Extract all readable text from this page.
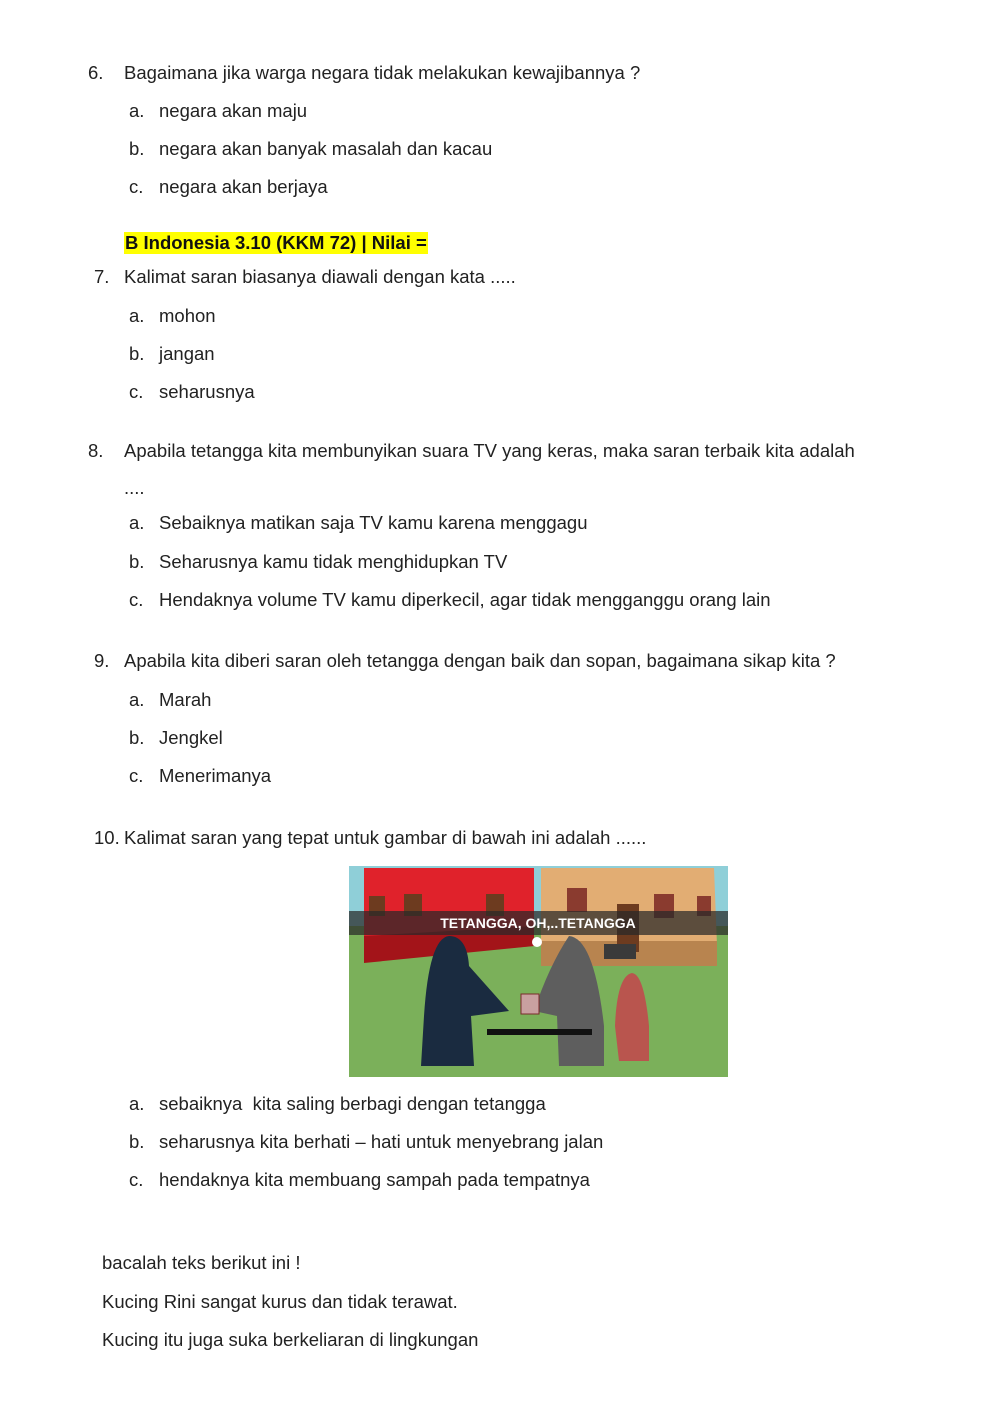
6. Bagaimana jika warga negara tidak melakukan kewajibannya ?
a. negara akan maju
b. negara akan banyak masalah dan kacau
c. negara akan berjaya
B Indonesia 3.10 (KKM 72) | Nilai =
7. Kalimat saran biasanya diawali dengan kata .....
a. mohon
b. jangan
c. seharusnya
8. Apabila tetangga kita membunyikan suara TV yang keras, maka saran terbaik kita adalah
....
a. Sebaiknya matikan saja TV kamu karena menggagu
b. Seharusnya kamu tidak menghidupkan TV
c. Hendaknya volume TV kamu diperkecil, agar tidak mengganggu orang lain
9. Apabila kita diberi saran oleh tetangga dengan baik dan sopan, bagaimana sikap kita ?
a. Marah
b. Jengkel
c. Menerimanya
10. Kalimat saran yang tepat untuk gambar di bawah ini adalah ......
TETANGGA, OH,..TETANGGA
a. sebaiknya  kita saling berbagi dengan tetangga
b. seharusnya kita berhati – hati untuk menyebrang jalan
c. hendaknya kita membuang sampah pada tempatnya
bacalah teks berikut ini !
Kucing Rini sangat kurus dan tidak terawat.
Kucing itu juga suka berkeliaran di lingkungan
